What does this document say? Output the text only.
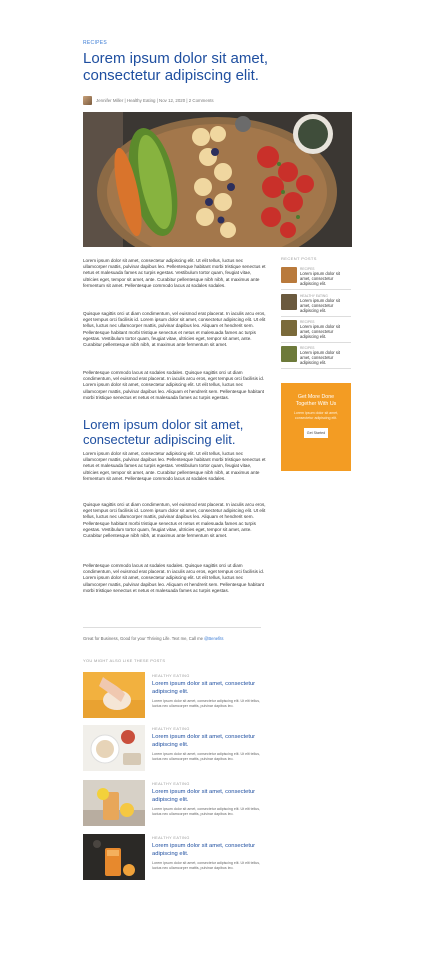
RECIPES
Lorem ipsum dolor sit amet, consectetur adipiscing elit.
Jennifer Miller | Healthy Eating | Nov 12, 2020 | 2 Comments
Lorem ipsum dolor sit amet, consectetur adipiscing elit. Ut elit tellus, luctus nec ullamcorper mattis, pulvinar dapibus leo. Pellentesque habitant morbi tristique senectus et netus et malesuada fames ac turpis egestas. Vestibulum tortor quam, feugiat vitae, ultricies eget, tempor sit amet, ante. Curabitur pellentesque nibh nibh, at maximus ante fermentum sit amet. Pellentesque commodo lacus at sodales sodales.
Quisque sagittis orci ut diam condimentum, vel euismod erat placerat. In iaculis arcu eros, eget tempus orci facilisis id. Lorem ipsum dolor sit amet, consectetur adipiscing elit. Ut elit tellus, luctus nec ullamcorper mattis, pulvinar dapibus leo. Aliquam et hendrerit sem. Pellentesque habitant morbi tristique senectus et netus et malesuada fames ac turpis egestas. Vestibulum tortor quam, feugiat vitae, ultricies eget, tempor sit amet, ante. Curabitur pellentesque nibh nibh, at maximus ante fermentum sit amet.
Pellentesque commodo lacus at sodales sodales. Quisque sagittis orci ut diam condimentum, vel euismod erat placerat. In iaculis arcu eros, eget tempus orci facilisis id. Lorem ipsum dolor sit amet, consectetur adipiscing elit. Ut elit tellus, luctus nec ullamcorper mattis, pulvinar dapibus leo. Aliquam et hendrerit sem. Pellentesque habitant morbi tristique senectus et netus et malesuada fames ac turpis egestas.
Lorem ipsum dolor sit amet, consectetur adipiscing elit.
Lorem ipsum dolor sit amet, consectetur adipiscing elit. Ut elit tellus, luctus nec ullamcorper mattis, pulvinar dapibus leo. Pellentesque habitant morbi tristique senectus et netus et malesuada fames ac turpis egestas. Vestibulum tortor quam, feugiat vitae, ultricies eget, tempor sit amet, ante. Curabitur pellentesque nibh nibh, at maximus ante fermentum sit amet. Pellentesque commodo lacus at sodales sodales.
Quisque sagittis orci ut diam condimentum, vel euismod erat placerat. In iaculis arcu eros, eget tempus orci facilisis id. Lorem ipsum dolor sit amet, consectetur adipiscing elit. Ut elit tellus, luctus nec ullamcorper mattis, pulvinar dapibus leo. Aliquam et hendrerit sem. Pellentesque habitant morbi tristique senectus et netus et malesuada fames ac turpis egestas. Vestibulum tortor quam, feugiat vitae, ultricies eget, tempor sit amet, ante. Curabitur pellentesque nibh nibh, at maximus ante fermentum sit amet.
Pellentesque commodo lacus at sodales sodales. Quisque sagittis orci ut diam condimentum, vel euismod erat placerat. In iaculis arcu eros, eget tempus orci facilisis id. Lorem ipsum dolor sit amet, consectetur adipiscing elit. Ut elit tellus, luctus nec ullamcorper mattis, pulvinar dapibus leo. Aliquam et hendrerit sem. Pellentesque habitant morbi tristique senectus et netus et malesuada fames ac turpis egestas.
RECENT POSTS
RECIPES
Lorem ipsum dolor sit amet, consectetur adipiscing elit.
HEALTHY EATING
Lorem ipsum dolor sit amet, consectetur adipiscing elit.
RECIPES
Lorem ipsum dolor sit amet, consectetur adipiscing elit.
RECIPES
Lorem ipsum dolor sit amet, consectetur adipiscing elit.
Get More Done Together With Us
Lorem ipsum dolor sit amet, consectetur adipiscing elit.
Get Started
Great for Business, Good for your Thriving Life. Text me, Call me @Benefits
YOU MIGHT ALSO LIKE THESE POSTS
HEALTHY EATING
Lorem ipsum dolor sit amet, consectetur adipiscing elit.
Lorem ipsum dolor sit amet, consectetur adipiscing elit. Ut elit tellus, luctus nec ullamcorper mattis, pulvinar dapibus leo.
HEALTHY EATING
Lorem ipsum dolor sit amet, consectetur adipiscing elit.
Lorem ipsum dolor sit amet, consectetur adipiscing elit. Ut elit tellus, luctus nec ullamcorper mattis, pulvinar dapibus leo.
HEALTHY EATING
Lorem ipsum dolor sit amet, consectetur adipiscing elit.
Lorem ipsum dolor sit amet, consectetur adipiscing elit. Ut elit tellus, luctus nec ullamcorper mattis, pulvinar dapibus leo.
HEALTHY EATING
Lorem ipsum dolor sit amet, consectetur adipiscing elit.
Lorem ipsum dolor sit amet, consectetur adipiscing elit. Ut elit tellus, luctus nec ullamcorper mattis, pulvinar dapibus leo.
